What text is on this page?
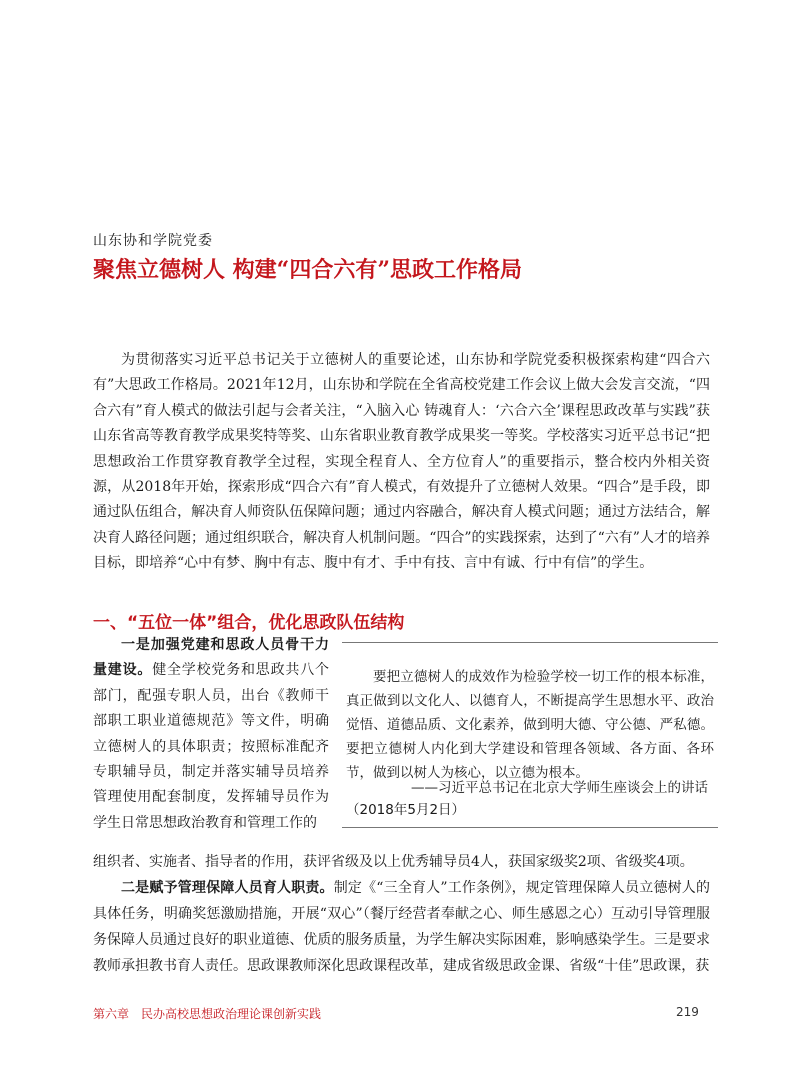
山东协和学院党委
聚焦立德树人 构建“四合六有”思政工作格局

为贯彻落实习近平总书记关于立德树人的重要论述，山东协和学院党委积极探索构建“四合六有”大思政工作格局。2021年12月，山东协和学院在全省高校党建工作会议上做大会发言交流，“四合六有”育人模式的做法引起与会者关注，“入脑入心 铸魂育人：‘六合六全’课程思政改革与实践”获山东省高等教育教学成果奖特等奖、山东省职业教育教学成果奖一等奖。学校落实习近平总书记“把思想政治工作贯穿教育教学全过程，实现全程育人、全方位育人”的重要指示，整合校内外相关资源，从2018年开始，探索形成“四合六有”育人模式，有效提升了立德树人效果。“四合”是手段，即通过队伍组合，解决育人师资队伍保障问题；通过内容融合，解决育人模式问题；通过方法结合，解决育人路径问题；通过组织联合，解决育人机制问题。“四合”的实践探索，达到了“六有”人才的培养目标，即培养“心中有梦、胸中有志、腹中有才、手中有技、言中有诚、行中有信”的学生。

一、“五位一体”组合，优化思政队伍结构

一是加强党建和思政人员骨干力量建设。健全学校党务和思政共八个部门，配强专职人员，出台《教师干部职工职业道德规范》等文件，明确立德树人的具体职责；按照标准配齐专职辅导员，制定并落实辅导员培养管理使用配套制度，发挥辅导员作为学生日常思想政治教育和管理工作的

要把立德树人的成效作为检验学校一切工作的根本标准，真正做到以文化人、以德育人，不断提高学生思想水平、政治觉悟、道德品质、文化素养，做到明大德、守公德、严私德。要把立德树人内化到大学建设和管理各领域、各方面、各环节，做到以树人为核心，以立德为根本。

——习近平总书记在北京大学师生座谈会上的讲话
（2018年5月2日）

组织者、实施者、指导者的作用，获评省级及以上优秀辅导员4人，获国家级奖2项、省级奖4项。

二是赋予管理保障人员育人职责。制定《“三全育人”工作条例》，规定管理保障人员立德树人的具体任务，明确奖惩激励措施，开展“双心”（餐厅经营者奉献之心、师生感恩之心）互动引导管理服务保障人员通过良好的职业道德、优质的服务质量，为学生解决实际困难，影响感染学生。三是要求教师承担教书育人责任。思政课教师深化思政课程改革，建成省级思政金课、省级“十佳”思政课，获

第六章　民办高校思想政治理论课创新实践	219
